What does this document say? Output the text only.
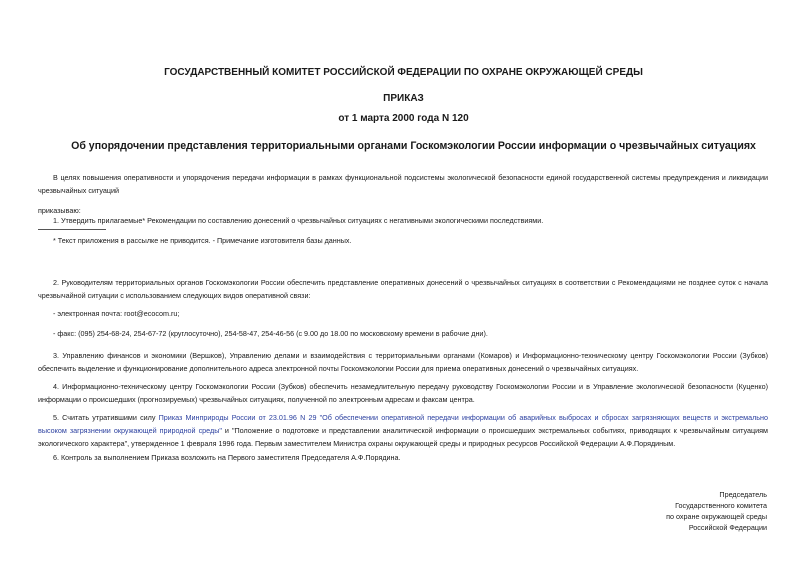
ГОСУДАРСТВЕННЫЙ КОМИТЕТ РОССИЙСКОЙ ФЕДЕРАЦИИ ПО ОХРАНЕ ОКРУЖАЮЩЕЙ СРЕДЫ
ПРИКАЗ
от 1 марта 2000 года N 120
Об упорядочении представления территориальными органами Госкомэкологии России информации о чрезвычайных ситуациях
В целях повышения оперативности и упорядочения передачи информации в рамках функциональной подсистемы экологической безопасности единой государственной системы предупреждения и ликвидации чрезвычайных ситуаций
приказываю:
1. Утвердить прилагаемые* Рекомендации по составлению донесений о чрезвычайных ситуациях с негативными экологическими последствиями.
* Текст приложения в рассылке не приводится. - Примечание изготовителя базы данных.
2. Руководителям территориальных органов Госкомэкологии России обеспечить представление оперативных донесений о чрезвычайных ситуациях в соответствии с Рекомендациями не позднее суток с начала чрезвычайной ситуации с использованием следующих видов оперативной связи:
- электронная почта: root@ecocom.ru;
- факс: (095) 254-68-24, 254-67-72 (круглосуточно), 254-58-47, 254-46-56 (с 9.00 до 18.00 по московскому времени в рабочие дни).
3. Управлению финансов и экономики (Вершков), Управлению делами и взаимодействия с территориальными органами (Комаров) и Информационно-техническому центру Госкомэкологии России (Зубков) обеспечить выделение и функционирование дополнительного адреса электронной почты Госкомэкологии России для приема оперативных донесений о чрезвычайных ситуациях.
4. Информационно-техническому центру Госкомэкологии России (Зубков) обеспечить незамедлительную передачу руководству Госкомэкологии России и в Управление экологической безопасности (Куценко) информации о происшедших (прогнозируемых) чрезвычайных ситуациях, полученной по электронным адресам и факсам центра.
5. Считать утратившими силу Приказ Минприроды России от 23.01.96 N 29 "Об обеспечении оперативной передачи информации об аварийных выбросах и сбросах загрязняющих веществ и экстремально высоком загрязнении окружающей природной среды" и "Положение о подготовке и представлении аналитической информации о происшедших экстремальных событиях, приводящих к чрезвычайным ситуациям экологического характера", утвержденное 1 февраля 1996 года. Первым заместителем Министра охраны окружающей среды и природных ресурсов Российской Федерации А.Ф.Порядиным.
6. Контроль за выполнением Приказа возложить на Первого заместителя Председателя А.Ф.Порядина.
Председатель
Государственного комитета
по охране окружающей среды
Российской Федерации
